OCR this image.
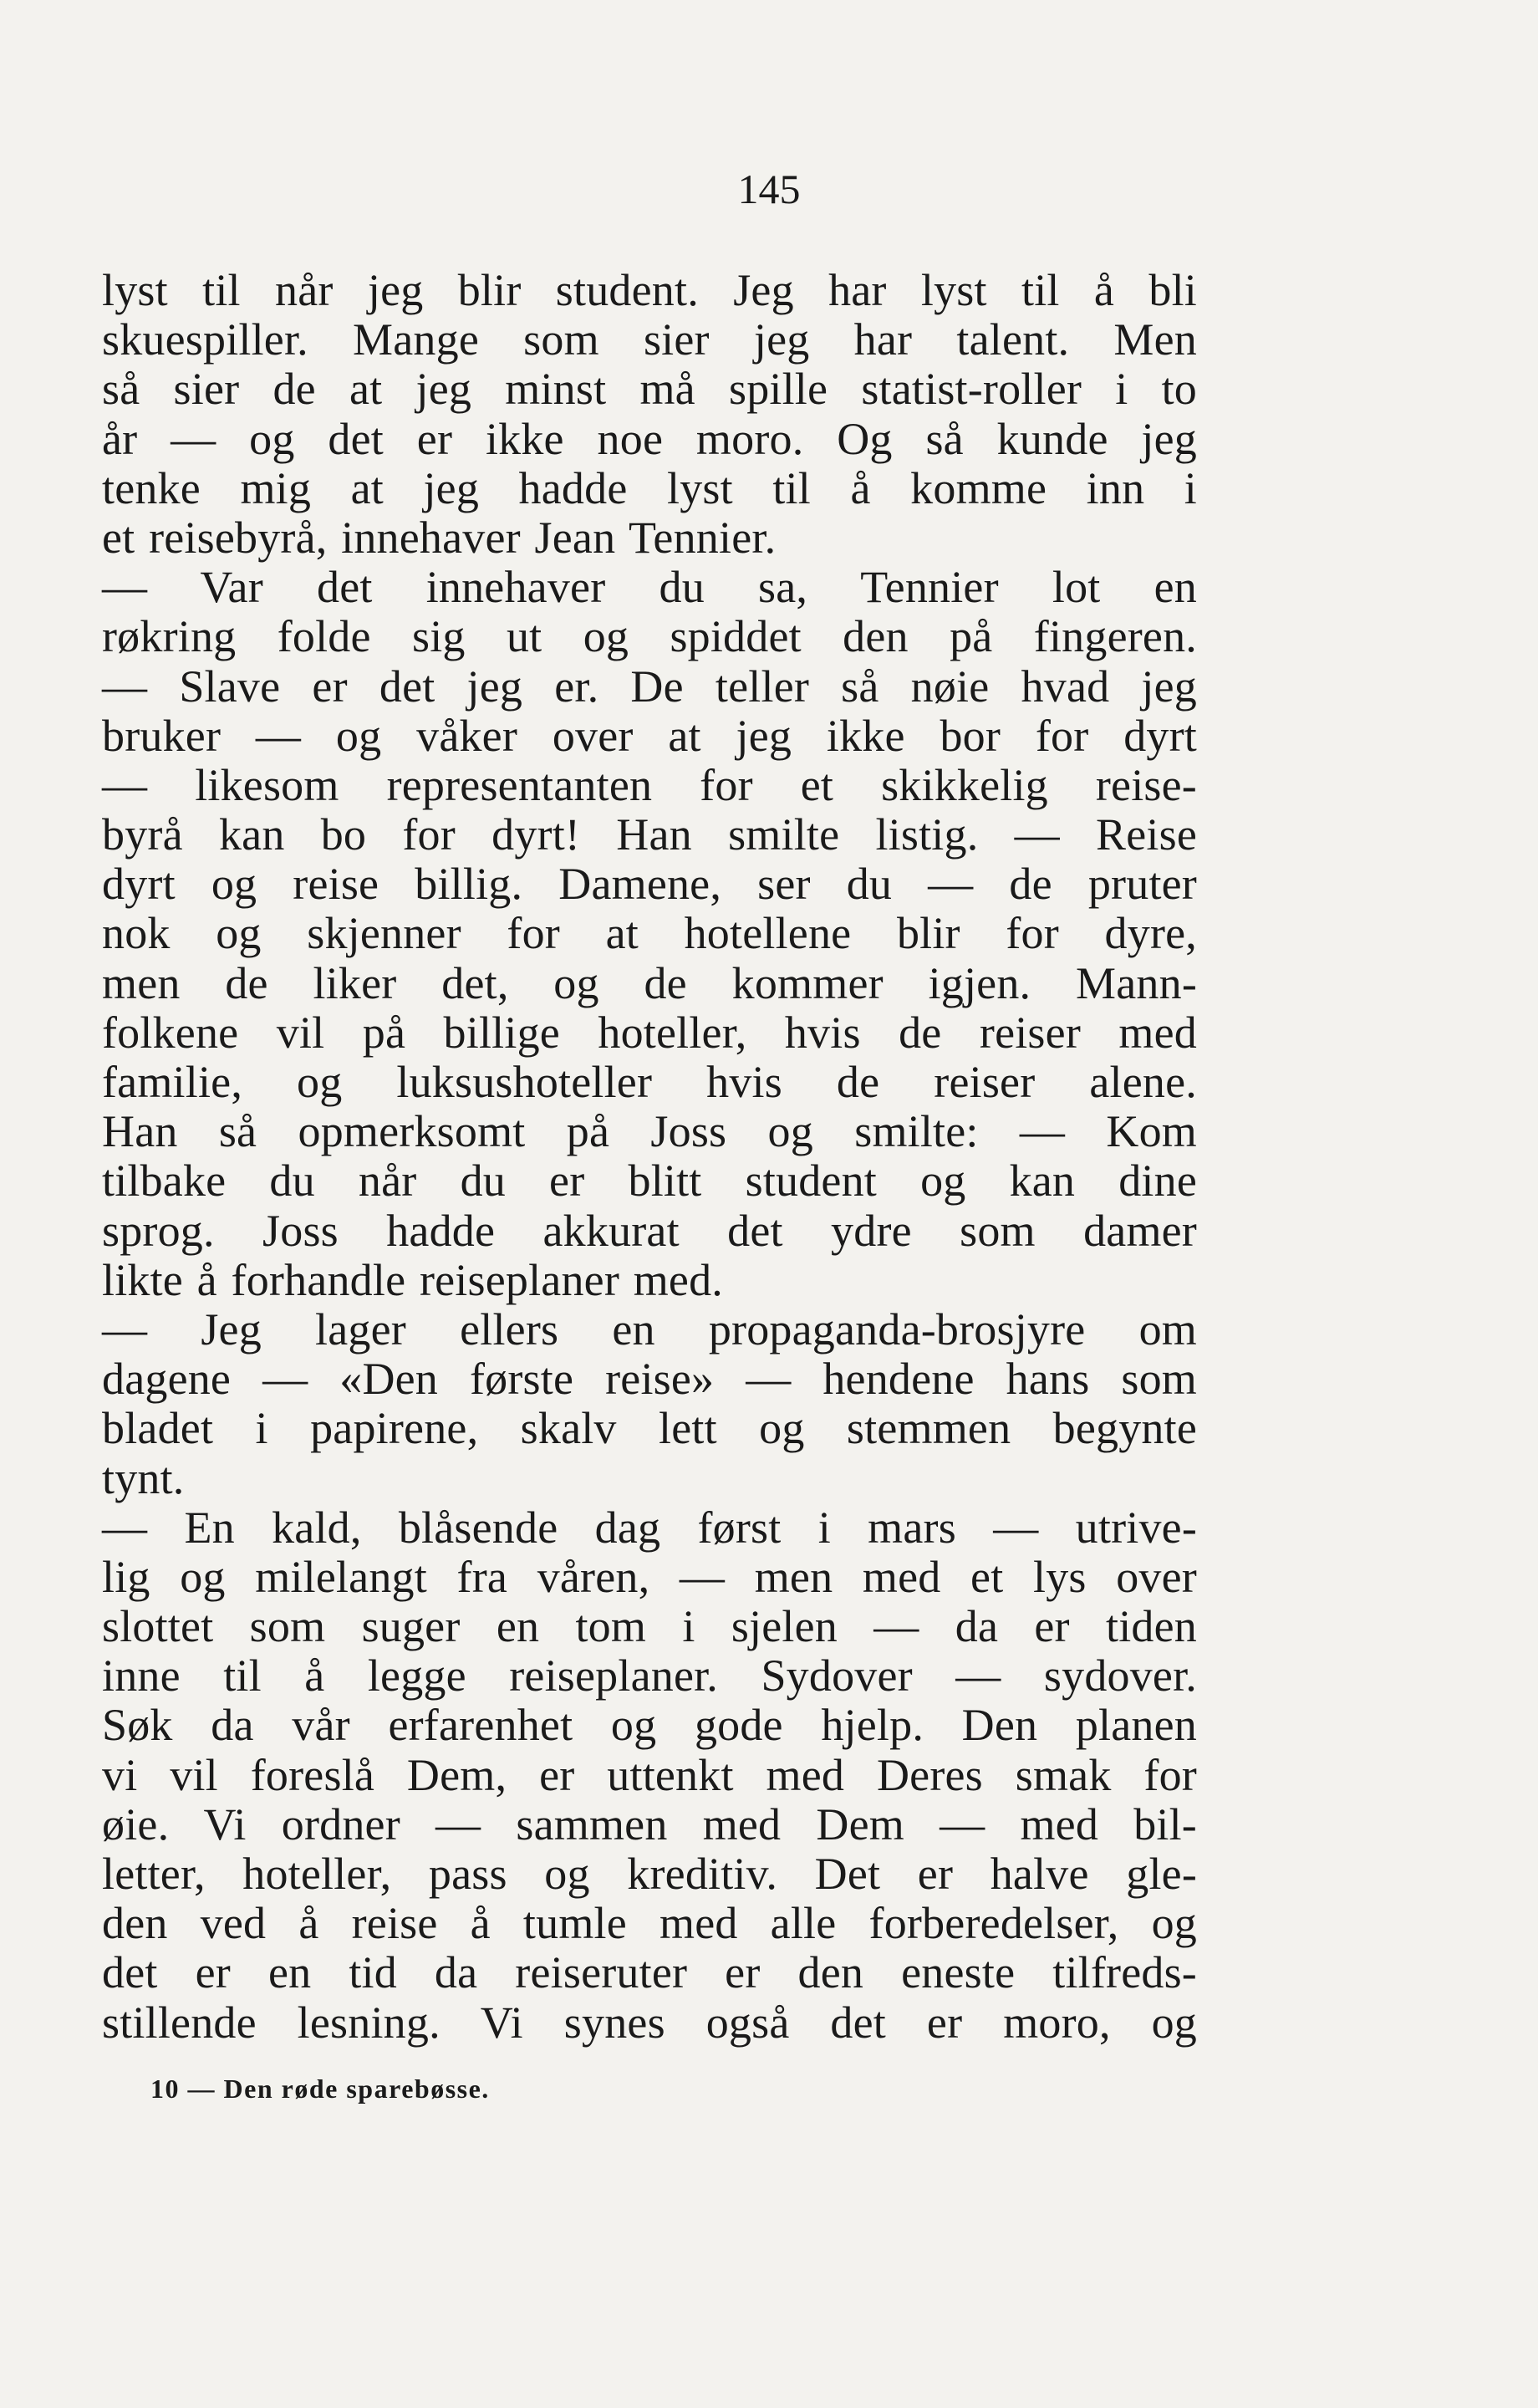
145
lyst til når jeg blir student. Jeg har lyst til å bli
skuespiller. Mange som sier jeg har talent. Men
så sier de at jeg minst må spille statist-roller i to
år — og det er ikke noe moro. Og så kunde jeg
tenke mig at jeg hadde lyst til å komme inn i
et reisebyrå, innehaver Jean Tennier.
— Var det innehaver du sa, Tennier lot en
røkring folde sig ut og spiddet den på fingeren.
— Slave er det jeg er. De teller så nøie hvad jeg
bruker — og våker over at jeg ikke bor for dyrt
— likesom representanten for et skikkelig reise-
byrå kan bo for dyrt! Han smilte listig. — Reise
dyrt og reise billig. Damene, ser du — de pruter
nok og skjenner for at hotellene blir for dyre,
men de liker det, og de kommer igjen. Mann-
folkene vil på billige hoteller, hvis de reiser med
familie, og luksushoteller hvis de reiser alene.
Han så opmerksomt på Joss og smilte: — Kom
tilbake du når du er blitt student og kan dine
sprog. Joss hadde akkurat det ydre som damer
likte å forhandle reiseplaner med.
— Jeg lager ellers en propaganda-brosjyre om
dagene — «Den første reise» — hendene hans som
bladet i papirene, skalv lett og stemmen begynte
tynt.
— En kald, blåsende dag først i mars — utrive-
lig og milelangt fra våren, — men med et lys over
slottet som suger en tom i sjelen — da er tiden
inne til å legge reiseplaner. Sydover — sydover.
Søk da vår erfarenhet og gode hjelp. Den planen
vi vil foreslå Dem, er uttenkt med Deres smak for
øie. Vi ordner — sammen med Dem — med bil-
letter, hoteller, pass og kreditiv. Det er halve gle-
den ved å reise å tumle med alle forberedelser, og
det er en tid da reiseruter er den eneste tilfreds-
stillende lesning. Vi synes også det er moro, og
10 — Den røde sparebøsse.
